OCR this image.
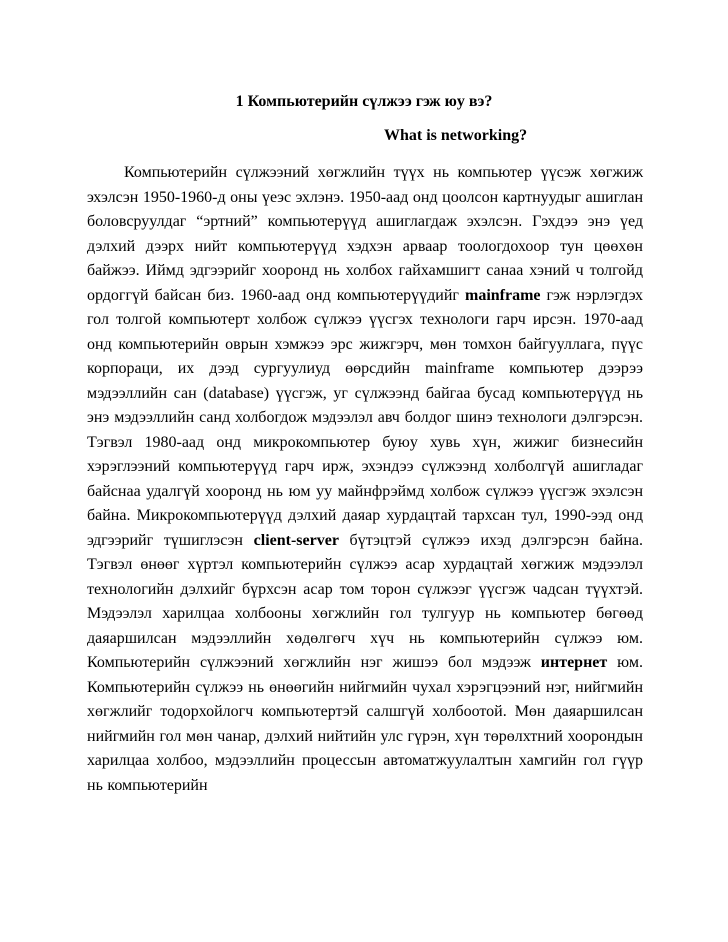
1 Компьютерийн сүлжээ гэж юу вэ?
What is networking?

Компьютерийн сүлжээний хөгжлийн түүх нь компьютер үүсэж хөгжиж эхэлсэн 1950-1960-д оны үеэс эхлэнэ. 1950-аад онд цоолсон картнуудыг ашиглан боловсруулдаг “эртний” компьютерүүд ашиглагдаж эхэлсэн. Гэхдээ энэ үед дэлхий дээрх нийт компьютерүүд хэдхэн арваар тоологдохоор тун цөөхөн байжээ. Иймд эдгээрийг хооронд нь холбох гайхамшигт санаа хэний ч толгойд ордоггүй байсан биз. 1960-аад онд компьютерүүдийг mainframe гэж нэрлэгдэх гол толгой компьютерт холбож сүлжээ үүсгэх технологи гарч ирсэн. 1970-аад онд компьютерийн оврын хэмжээ эрс жижгэрч, мөн томхон байгууллага, пүүс корпораци, их дээд сургуулиуд өөрсдийн mainframe компьютер дээрээ мэдээллийн сан (database) үүсгэж, уг сүлжээнд байгаа бусад компьютерүүд нь энэ мэдээллийн санд холбогдож мэдээлэл авч болдог шинэ технологи дэлгэрсэн. Тэгвэл 1980-аад онд микрокомпьютер буюу хувь хүн, жижиг бизнесийн хэрэглээний компьютерүүд гарч ирж, эхэндээ сүлжээнд холболгүй ашигладаг байснаа удалгүй хооронд нь юм уу майнфрэймд холбож сүлжээ үүсгэж эхэлсэн байна. Микрокомпьютерүүд дэлхий даяар хурдацтай тархсан тул, 1990-ээд онд эдгээрийг түшиглэсэн client-server бүтэцтэй сүлжээ ихэд дэлгэрсэн байна. Тэгвэл өнөөг хүртэл компьютерийн сүлжээ асар хурдацтай хөгжиж мэдээлэл технологийн дэлхийг бүрхсэн асар том торон сүлжээг үүсгэж чадсан түүхтэй. Мэдээлэл харилцаа холбооны хөгжлийн гол тулгуур нь компьютер бөгөөд даяаршилсан мэдээллийн хөдөлгөгч хүч нь компьютерийн сүлжээ юм. Компьютерийн сүлжээний хөгжлийн нэг жишээ бол мэдээж интернет юм. Компьютерийн сүлжээ нь өнөөгийн нийгмийн чухал хэрэгцээний нэг, нийгмийн хөгжлийг тодорхойлогч компьютертэй салшгүй холбоотой. Мөн даяаршилсан нийгмийн гол мөн чанар, дэлхий нийтийн улс гүрэн, хүн төрөлхтний хоорондын харилцаа холбоо, мэдээллийн процессын автоматжуулалтын хамгийн гол гүүр нь компьютерийн
